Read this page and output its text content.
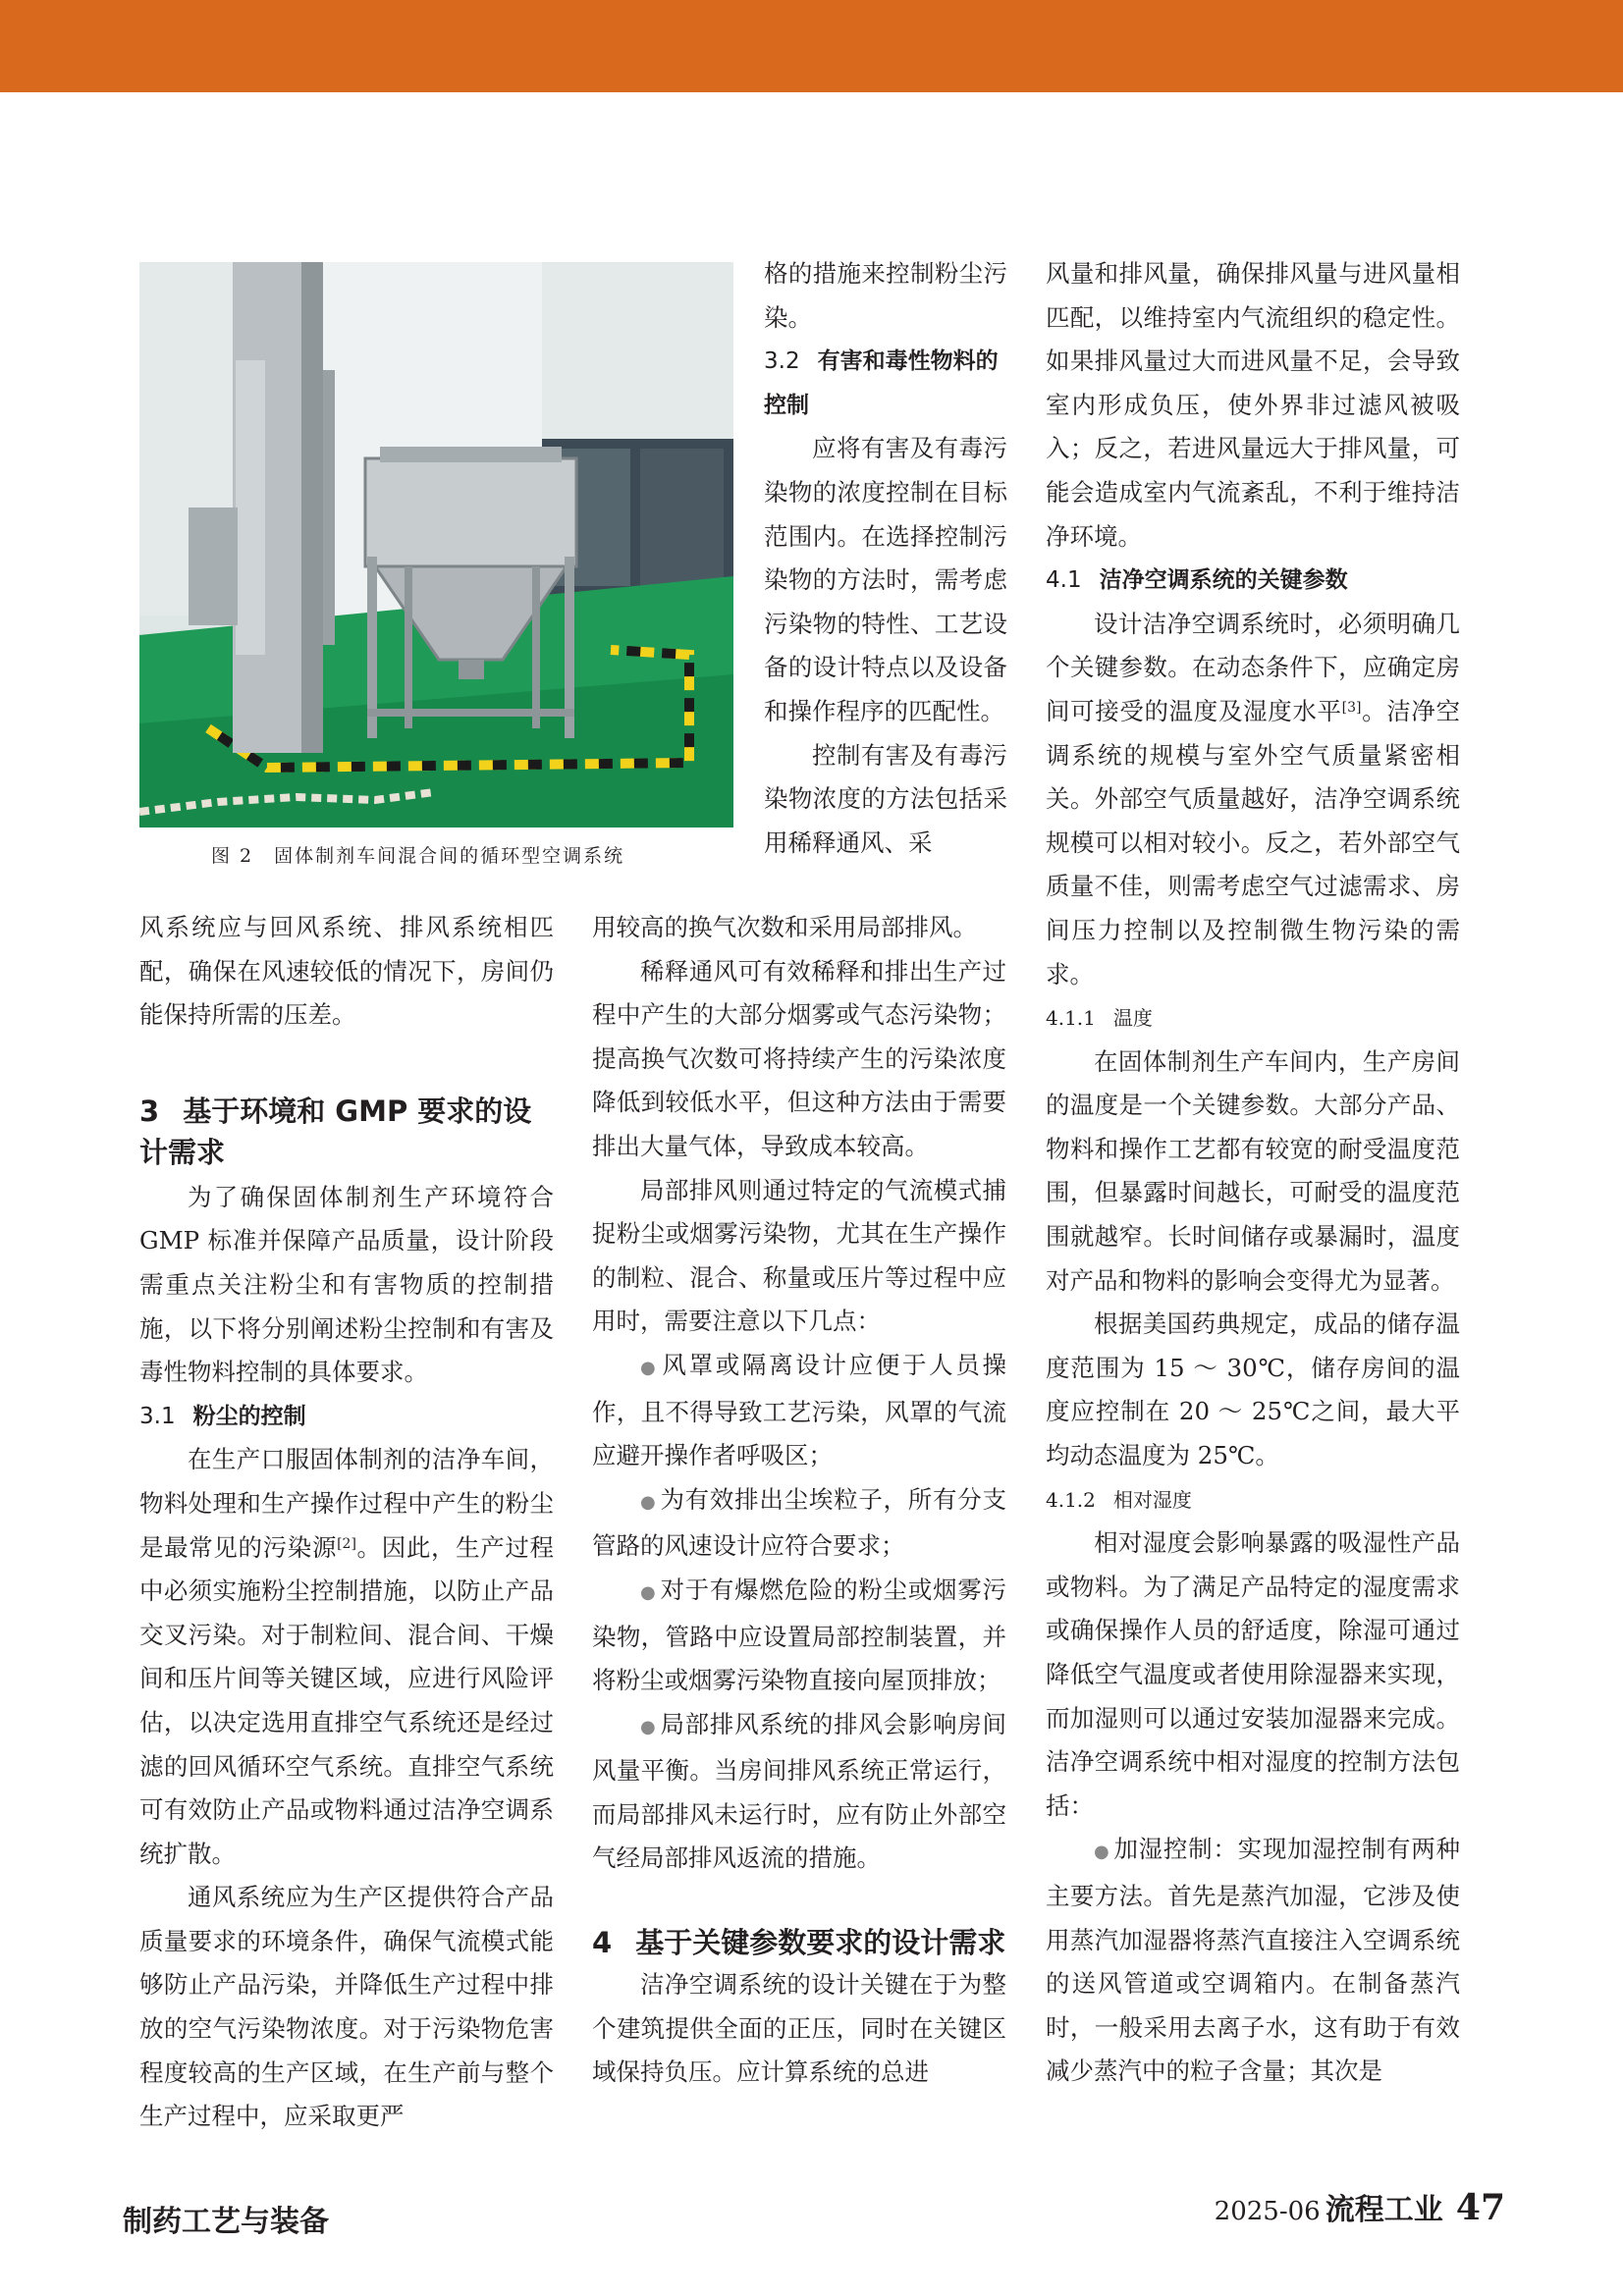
图 2　固体制剂车间混合间的循环型空调系统

风系统应与回风系统、排风系统相匹配，确保在风速较低的情况下，房间仍能保持所需的压差。

3 基于环境和 GMP 要求的设计需求

为了确保固体制剂生产环境符合 GMP 标准并保障产品质量，设计阶段需重点关注粉尘和有害物质的控制措施，以下将分别阐述粉尘控制和有害及毒性物料控制的具体要求。

3.1 粉尘的控制

在生产口服固体制剂的洁净车间，物料处理和生产操作过程中产生的粉尘是最常见的污染源[2]。因此，生产过程中必须实施粉尘控制措施，以防止产品交叉污染。对于制粒间、混合间、干燥间和压片间等关键区域，应进行风险评估，以决定选用直排空气系统还是经过滤的回风循环空气系统。直排空气系统可有效防止产品或物料通过洁净空调系统扩散。

通风系统应为生产区提供符合产品质量要求的环境条件，确保气流模式能够防止产品污染，并降低生产过程中排放的空气污染物浓度。对于污染物危害程度较高的生产区域，在生产前与整个生产过程中，应采取更严

格的措施来控制粉尘污染。

3.2 有害和毒性物料的控制

应将有害及有毒污染物的浓度控制在目标范围内。在选择控制污染物的方法时，需考虑污染物的特性、工艺设备的设计特点以及设备和操作程序的匹配性。

控制有害及有毒污染物浓度的方法包括采用稀释通风、采

用较高的换气次数和采用局部排风。

稀释通风可有效稀释和排出生产过程中产生的大部分烟雾或气态污染物；提高换气次数可将持续产生的污染浓度降低到较低水平，但这种方法由于需要排出大量气体，导致成本较高。

局部排风则通过特定的气流模式捕捉粉尘或烟雾污染物，尤其在生产操作的制粒、混合、称量或压片等过程中应用时，需要注意以下几点：

● 风罩或隔离设计应便于人员操作，且不得导致工艺污染，风罩的气流应避开操作者呼吸区；

● 为有效排出尘埃粒子，所有分支管路的风速设计应符合要求；

● 对于有爆燃危险的粉尘或烟雾污染物，管路中应设置局部控制装置，并将粉尘或烟雾污染物直接向屋顶排放；

● 局部排风系统的排风会影响房间风量平衡。当房间排风系统正常运行，而局部排风未运行时，应有防止外部空气经局部排风返流的措施。

4 基于关键参数要求的设计需求

洁净空调系统的设计关键在于为整个建筑提供全面的正压，同时在关键区域保持负压。应计算系统的总进

风量和排风量，确保排风量与进风量相匹配，以维持室内气流组织的稳定性。如果排风量过大而进风量不足，会导致室内形成负压，使外界非过滤风被吸入；反之，若进风量远大于排风量，可能会造成室内气流紊乱，不利于维持洁净环境。

4.1 洁净空调系统的关键参数

设计洁净空调系统时，必须明确几个关键参数。在动态条件下，应确定房间可接受的温度及湿度水平[3]。洁净空调系统的规模与室外空气质量紧密相关。外部空气质量越好，洁净空调系统规模可以相对较小。反之，若外部空气质量不佳，则需考虑空气过滤需求、房间压力控制以及控制微生物污染的需求。

4.1.1 温度

在固体制剂生产车间内，生产房间的温度是一个关键参数。大部分产品、物料和操作工艺都有较宽的耐受温度范围，但暴露时间越长，可耐受的温度范围就越窄。长时间储存或暴漏时，温度对产品和物料的影响会变得尤为显著。

根据美国药典规定，成品的储存温度范围为 15 ～ 30℃，储存房间的温度应控制在 20 ～ 25℃之间，最大平均动态温度为 25℃。

4.1.2 相对湿度

相对湿度会影响暴露的吸湿性产品或物料。为了满足产品特定的湿度需求或确保操作人员的舒适度，除湿可通过降低空气温度或者使用除湿器来实现，而加湿则可以通过安装加湿器来完成。洁净空调系统中相对湿度的控制方法包括：

● 加湿控制：实现加湿控制有两种主要方法。首先是蒸汽加湿，它涉及使用蒸汽加湿器将蒸汽直接注入空调系统的送风管道或空调箱内。在制备蒸汽时，一般采用去离子水，这有助于有效减少蒸汽中的粒子含量；其次是

制药工艺与装备	2025-06 流程工业 47
